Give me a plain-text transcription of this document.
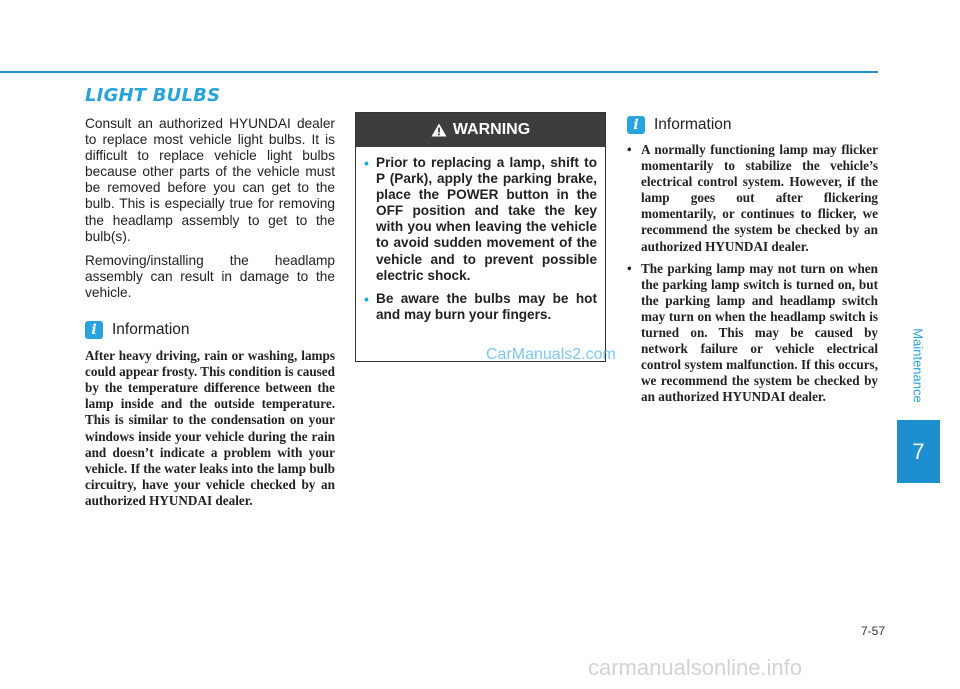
LIGHT BULBS

Consult an authorized HYUNDAI dealer to replace most vehicle light bulbs. It is difficult to replace vehicle light bulbs because other parts of the vehicle must be removed before you can get to the bulb. This is especially true for removing the headlamp assembly to get to the bulb(s).

Removing/installing the headlamp assembly can result in damage to the vehicle.

i Information

After heavy driving, rain or washing, lamps could appear frosty. This condition is caused by the temperature difference between the lamp inside and the outside temperature. This is similar to the condensation on your windows inside your vehicle during the rain and doesn’t indicate a problem with your vehicle. If the water leaks into the lamp bulb circuitry, have your vehicle checked by an authorized HYUNDAI dealer.

WARNING
• Prior to replacing a lamp, shift to P (Park), apply the parking brake, place the POWER button in the OFF position and take the key with you when leaving the vehicle to avoid sudden movement of the vehicle and to prevent possible electric shock.
• Be aware the bulbs may be hot and may burn your fingers.
CarManuals2.com
i Information
• A normally functioning lamp may flicker momentarily to stabilize the vehicle’s electrical control system. However, if the lamp goes out after flickering momentarily, or continues to flicker, we recommend the system be checked by an authorized HYUNDAI dealer.
• The parking lamp may not turn on when the parking lamp switch is turned on, but the parking lamp and headlamp switch may turn on when the headlamp switch is turned on. This may be caused by network failure or vehicle electrical control system malfunction. If this occurs, we recommend the system be checked by an authorized HYUNDAI dealer.	Maintenance
7
7-57
carmanualsonline.info
